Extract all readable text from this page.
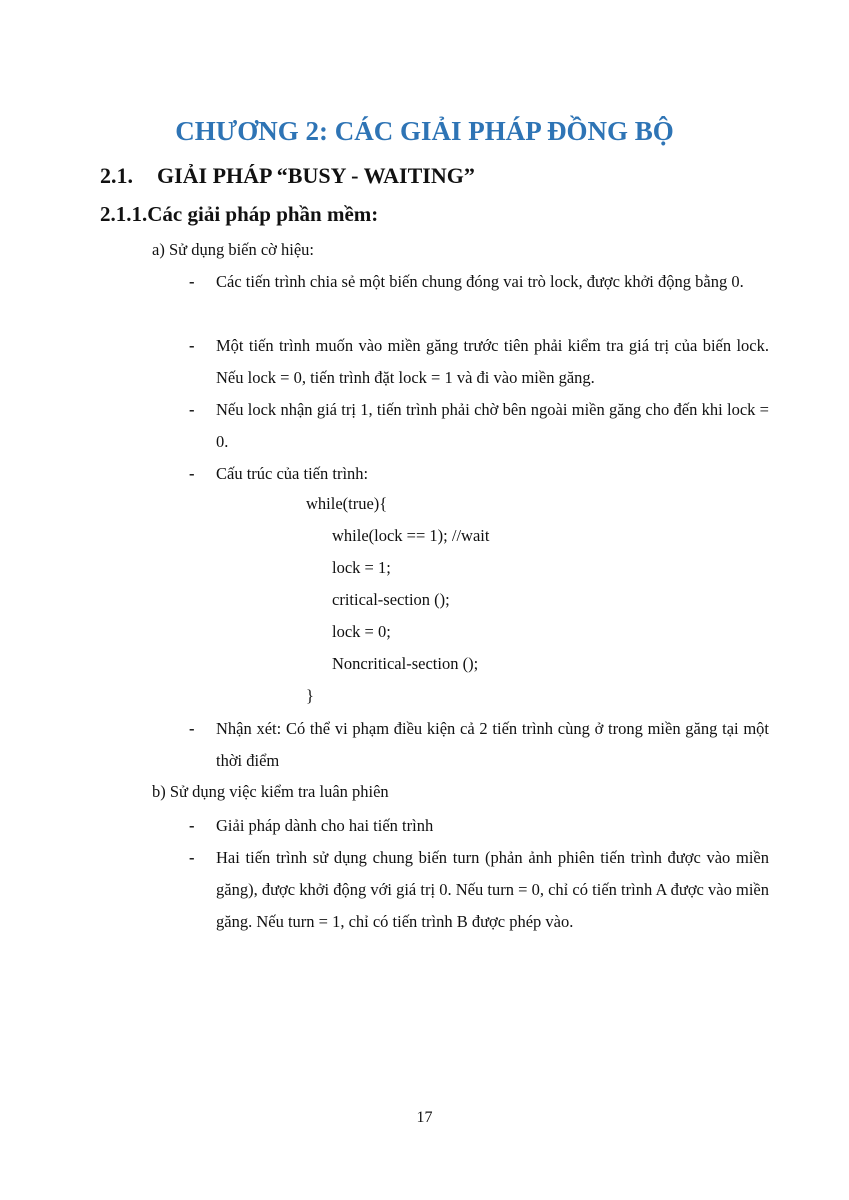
CHƯƠNG 2: CÁC GIẢI PHÁP ĐỒNG BỘ
2.1. GIẢI PHÁP “BUSY - WAITING”
2.1.1.Các giải pháp phần mềm:

a) Sử dụng biến cờ hiệu:

-	Các tiến trình chia sẻ một biến chung đóng vai trò lock, được khởi động bằng 0.
-	Một tiến trình muốn vào miền găng trước tiên phải kiểm tra giá trị của biến lock. Nếu lock = 0, tiến trình đặt lock = 1 và đi vào miền găng.
-	Nếu lock nhận giá trị 1, tiến trình phải chờ bên ngoài miền găng cho đến khi lock = 0.
-	Cấu trúc của tiến trình:

while(true){

while(lock == 1); //wait

lock = 1;

critical-section ();

lock = 0;

Noncritical-section ();

}

-	Nhận xét: Có thể vi phạm điều kiện cả 2 tiến trình cùng ở trong miền găng tại một thời điểm

b) Sử dụng việc kiểm tra luân phiên

-	Giải pháp dành cho hai tiến trình
-	Hai tiến trình sử dụng chung biến turn (phản ảnh phiên tiến trình được vào miền găng), được khởi động với giá trị 0. Nếu turn = 0, chỉ có tiến trình A được vào miền găng. Nếu turn = 1, chỉ có tiến trình B được phép vào.

17
